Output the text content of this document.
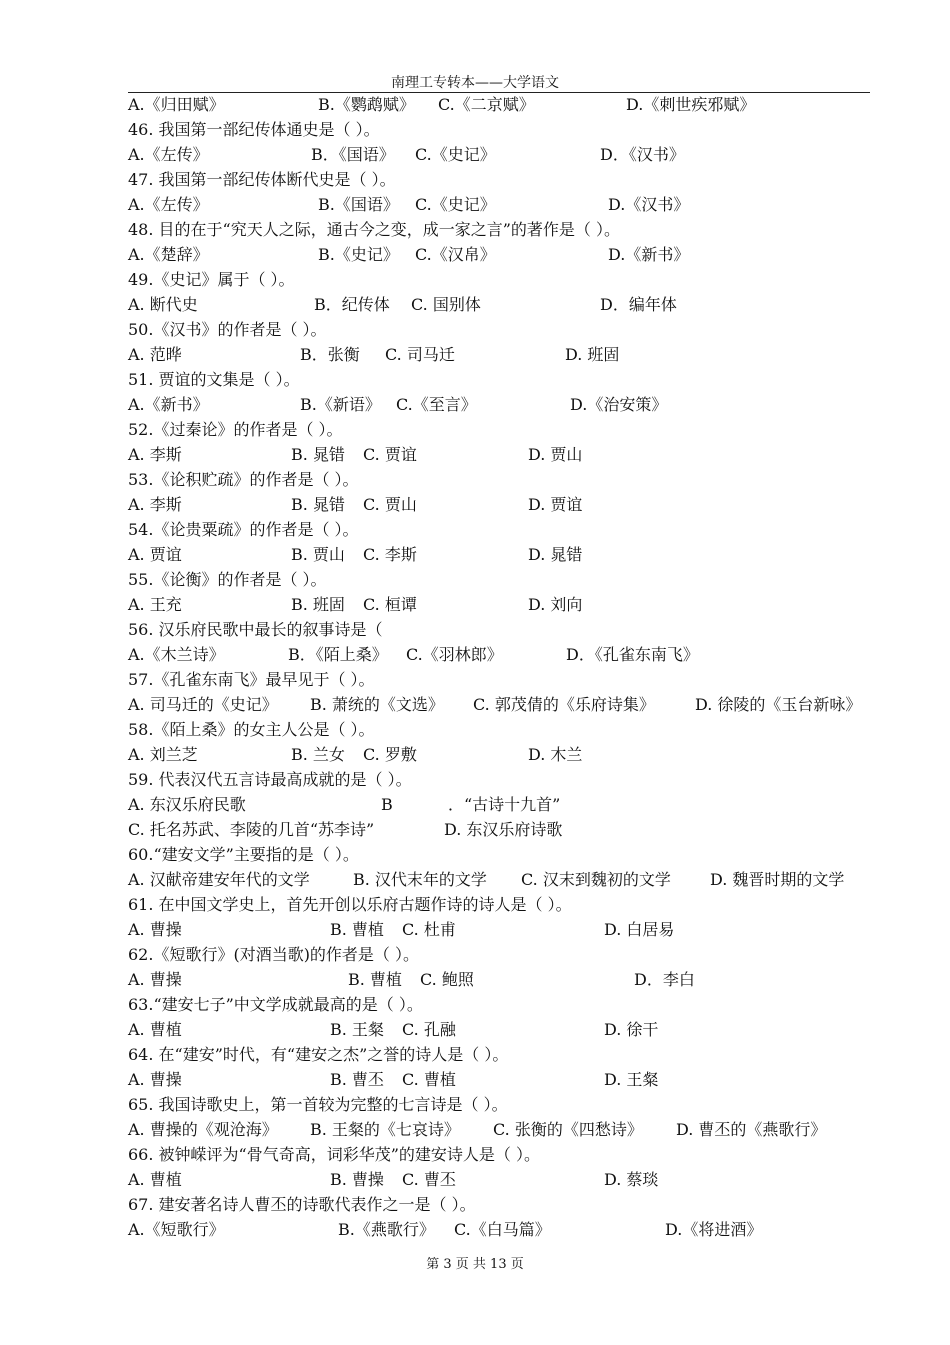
南理工专转本——大学语文
A.《归田赋》	B.《鹦鹉赋》 C.《二京赋》	D.《刺世疾邪赋》
46. 我国第一部纪传体通史是（ ）。
A.《左传》	B．《国语》 C.《史记》	D．《汉书》
47. 我国第一部纪传体断代史是（ ）。
A.《左传》	B.《国语》 C.《史记》	D.《汉书》
48. 目的在于“究天人之际，通古今之变，成一家之言”的著作是（ ）。
A.《楚辞》	B.《史记》 C.《汉帛》	D.《新书》
49.《史记》属于（ ）。
A. 断代史	B．纪传体 C. 国别体	D．编年体
50.《汉书》的作者是（ ）。
A. 范晔	B．张衡 C. 司马迁	D. 班固
51. 贾谊的文集是（ ）。
A.《新书》	B.《新语》 C.《至言》	D.《治安策》
52.《过秦论》的作者是（ ）。
A. 李斯	B. 晁错 C. 贾谊	D. 贾山
53.《论积贮疏》的作者是（ ）。
A. 李斯	B. 晁错 C. 贾山	D. 贾谊
54.《论贵粟疏》的作者是（ ）。
A. 贾谊	B. 贾山 C. 李斯	D. 晁错
55.《论衡》的作者是（ ）。
A. 王充	B. 班固 C. 桓谭	D. 刘向
56. 汉乐府民歌中最长的叙事诗是（
A.《木兰诗》	B．《陌上桑》 C.《羽林郎》	D．《孔雀东南飞》
57.《孔雀东南飞》最早见于（ ）。
A. 司马迁的《史记》 B. 萧统的《文选》 C. 郭茂倩的《乐府诗集》	D. 徐陵的《玉台新咏》
58.《陌上桑》的女主人公是（ ）。
A. 刘兰芝	B. 兰女 C. 罗敷	D. 木兰
59. 代表汉代五言诗最高成就的是（ ）。
A. 东汉乐府民歌	B	．“古诗十九首”
C. 托名苏武、李陵的几首“苏李诗”	D. 东汉乐府诗歌
60.“建安文学”主要指的是（ ）。
A. 汉献帝建安年代的文学	B. 汉代末年的文学 C. 汉末到魏初的文学 D. 魏晋时期的文学
61. 在中国文学史上，首先开创以乐府古题作诗的诗人是（ ）。
A. 曹操	B. 曹植 C. 杜甫	D. 白居易
62.《短歌行》(对酒当歌)的作者是（ ）。
A. 曹操	B. 曹植 C. 鲍照	D．李白
63.“建安七子”中文学成就最高的是（ ）。
A. 曹植	B. 王粲 C. 孔融	D. 徐干
64. 在“建安”时代，有“建安之杰”之誉的诗人是（ ）。
A. 曹操	B. 曹丕 C. 曹植	D. 王粲
65. 我国诗歌史上，第一首较为完整的七言诗是（ ）。
A. 曹操的《观沧海》 B. 王粲的《七哀诗》 C. 张衡的《四愁诗》 D. 曹丕的《燕歌行》
66. 被钟嵘评为“骨气奇高，词彩华茂”的建安诗人是（ ）。
A. 曹植	B. 曹操 C. 曹丕	D. 蔡琰
67. 建安著名诗人曹丕的诗歌代表作之一是（ ）。
A.《短歌行》	B.《燕歌行》 C.《白马篇》	D.《将进酒》
第 3 页 共 13 页
